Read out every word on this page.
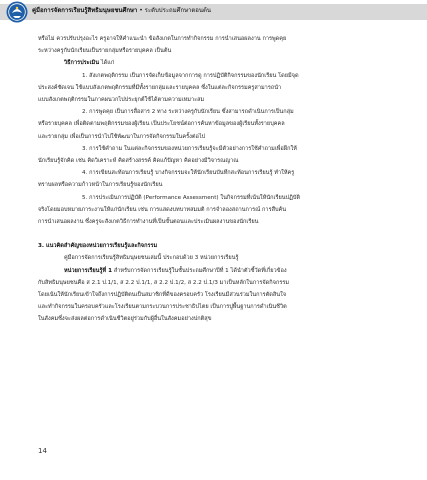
คู่มือการจัดการเรียนรู้สิทธิมนุษยชนศึกษา • ระดับประถมศึกษาตอนต้น
หรือไม่ ควรปรับปรุงอะไร ครูอาจให้คำแนะนำ ข้อสังเกตในการทำกิจกรรม การนำเสนอผลงาน การพูดคุย
ระหว่างครูกับนักเรียนเป็นรายกลุ่มหรือรายบุคคล เป็นต้น
วิธีการประเมิน ได้แก่
1. สังเกตพฤติกรรม เป็นการจัดเก็บข้อมูลจากการดู การปฏิบัติกิจกรรมของนักเรียน โดยมีจุด
ประสงค์ชัดเจน ใช้แบบสังเกตพฤติกรรมที่มีทั้งรายกลุ่มและรายบุคคล ซึ่งในแต่ละกิจกรรมครูสามารถนำ
แบบสังเกตพฤติกรรมในภาคผนวกไปประยุกต์ใช้ได้ตามความเหมาะสม
2. การพูดคุย เป็นการสื่อสาร 2 ทาง ระหว่างครูกับนักเรียน ซึ่งสามารถดำเนินการเป็นกลุ่ม
หรือรายบุคคล เพื่อติดตามพฤติกรรมของผู้เรียน เป็นประโยชน์ต่อการค้นหาข้อมูลของผู้เรียนทั้งรายบุคคล
และรายกลุ่ม เพื่อเป็นการนำไปใช้พัฒนาในการจัดกิจกรรมในครั้งต่อไป
3. การใช้คำถาม ในแต่ละกิจกรรมของหน่วยการเรียนรู้จะมีตัวอย่างการใช้คำถามเพื่อฝึกให้
นักเรียนรู้จักคิด เช่น คิดวิเคราะห์ คิดสร้างสรรค์ คิดแก้ปัญหา คิดอย่างมีวิจารณญาณ
4. การเขียนสะท้อนการเรียนรู้ บางกิจกรรมจะให้นักเรียนบันทึกสะท้อนการเรียนรู้ ทำให้ครู
ทราบผลหรือความก้าวหน้าในการเรียนรู้ของนักเรียน
5. การประเมินการปฏิบัติ (Performance Assessment) ในกิจกรรมที่เน้นให้นักเรียนปฏิบัติ
จริงโดยมอบหมายภาระงานให้แก่นักเรียน เช่น การแสดงบทบาทสมมติ การจำลองสถานการณ์ การสืบค้น
การนำเสนอผลงาน ซึ่งครูจะสังเกตวิธีการทำงานที่เป็นขั้นตอนและประเมินผลงานของนักเรียน
3. แนวคิดสำคัญของหน่วยการเรียนรู้และกิจกรรม
คู่มือการจัดการเรียนรู้สิทธิมนุษยชนเล่มนี้ ประกอบด้วย 3 หน่วยการเรียนรู้
หน่วยการเรียนรู้ที่ 1 สำหรับการจัดการเรียนรู้ในชั้นประถมศึกษาปีที่ 1 ได้นำตัวชี้วัดที่เกี่ยวข้อง
กับสิทธิมนุษยชนคือ ส 2.1 ป.1/1, ส 2.2 ป.1/1, ส 2.2 ป.1/2, ส 2.2 ป.1/3 มาเป็นหลักในการจัดกิจกรรม
โดยเน้นให้นักเรียนเข้าใจถึงการปฏิบัติตนเป็นสมาชิกที่ดีของครอบครัว โรงเรียนมีส่วนร่วมในการตัดสินใจ
และทำกิจกรรมในครอบครัวและโรงเรียนตามกระบวนการประชาธิปไตย เป็นการปูพื้นฐานการดำเนินชีวิต
ในสังคมซึ่งจะส่งผลต่อการดำเนินชีวิตอยู่ร่วมกับผู้อื่นในสังคมอย่างปกติสุข
14
